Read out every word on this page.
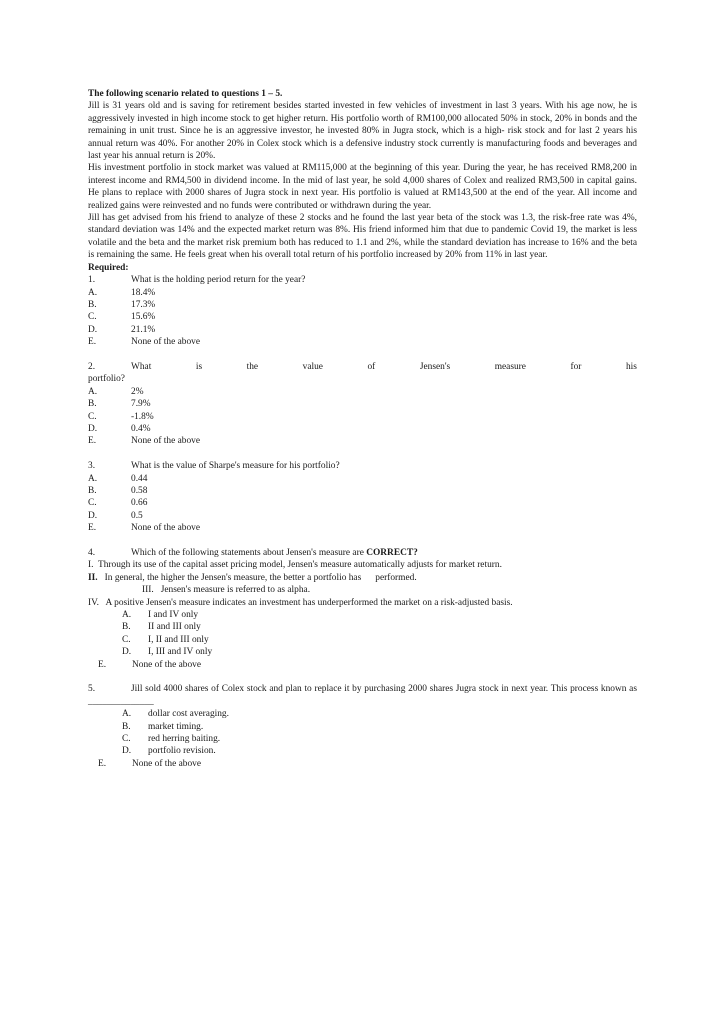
The following scenario related to questions 1 – 5.
Jill is 31 years old and is saving for retirement besides started invested in few vehicles of investment in last 3 years. With his age now, he is aggressively invested in high income stock to get higher return. His portfolio worth of RM100,000 allocated 50% in stock, 20% in bonds and the remaining in unit trust. Since he is an aggressive investor, he invested 80% in Jugra stock, which is a high- risk stock and for last 2 years his annual return was 40%. For another 20% in Colex stock which is a defensive industry stock currently is manufacturing foods and beverages and last year his annual return is 20%.
His investment portfolio in stock market was valued at RM115,000 at the beginning of this year. During the year, he has received RM8,200 in interest income and RM4,500 in dividend income. In the mid of last year, he sold 4,000 shares of Colex and realized RM3,500 in capital gains. He plans to replace with 2000 shares of Jugra stock in next year. His portfolio is valued at RM143,500 at the end of the year. All income and realized gains were reinvested and no funds were contributed or withdrawn during the year.
Jill has get advised from his friend to analyze of these 2 stocks and he found the last year beta of the stock was 1.3, the risk-free rate was 4%, standard deviation was 14% and the expected market return was 8%. His friend informed him that due to pandemic Covid 19, the market is less volatile and the beta and the market risk premium both has reduced to 1.1 and 2%, while the standard deviation has increase to 16% and the beta is remaining the same. He feels great when his overall total return of his portfolio increased by 20% from 11% in last year.
Required:
1.	What is the holding period return for the year?
A.	18.4%
B.	17.3%
C.	15.6%
D.	21.1%
E.	None of the above
2.	What	is	the	value	of	Jensen's	measure	for	his
portfolio?
A.	2%
B.	7.9%
C.	-1.8%
D.	0.4%
E.	None of the above
3.	What is the value of Sharpe's measure for his portfolio?
A.	0.44
B.	0.58
C.	0.66
D.	0.5
E.	None of the above
4.	Which of the following statements about Jensen's measure are CORRECT?
I. Through its use of the capital asset pricing model, Jensen's measure automatically adjusts for market return.
II. In general, the higher the Jensen's measure, the better a portfolio has      performed.
III. Jensen's measure is referred to as alpha.
IV. A positive Jensen's measure indicates an investment has underperformed the market on a risk-adjusted basis.
A.	I and IV only
B.	II and III only
C.	I, II and III only
D.	I, III and IV only
E.	None of the above
5.	Jill sold 4000 shares of Colex stock and plan to replace it by purchasing 2000 shares Jugra stock in next year. This process known as ______________
A.	dollar cost averaging.
B.	market timing.
C.	red herring baiting.
D.	portfolio revision.
E.	None of the above
